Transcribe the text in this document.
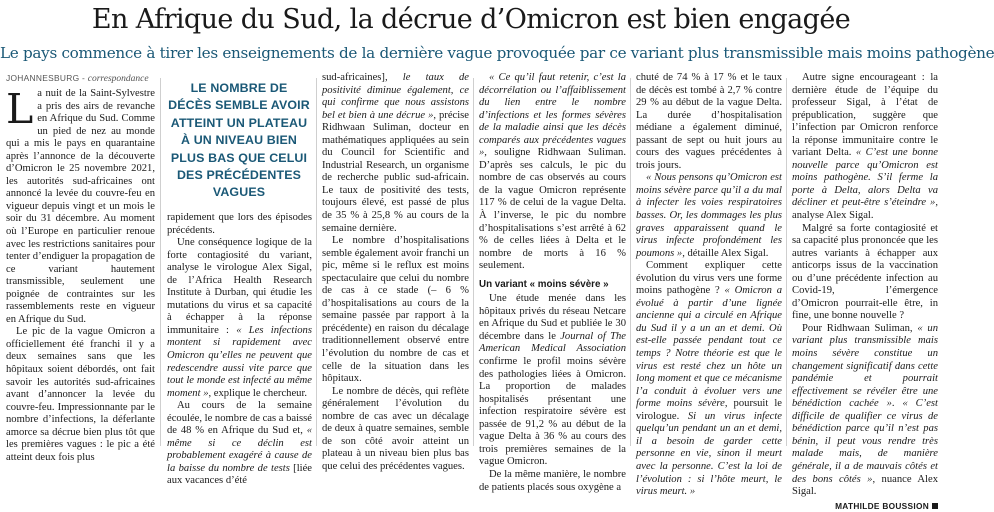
En Afrique du Sud, la décrue d’Omicron est bien engagée
Le pays commence à tirer les enseignements de la dernière vague provoquée par ce variant plus transmissible mais moins pathogène
JOHANNESBURG - correspondance

La nuit de la Saint-Sylvestre a pris des airs de revanche en Afrique du Sud. Comme un pied de nez au monde qui a mis le pays en quarantaine après l’annonce de la découverte d’Omicron le 25 novembre 2021, les autorités sud-africaines ont annoncé la levée du couvre-feu en vigueur depuis vingt et un mois le soir du 31 décembre. Au moment où l’Europe en particulier renoue avec les restrictions sanitaires pour tenter d’endiguer la propagation de ce variant hautement transmissible, seulement une poignée de contraintes sur les rassemblements reste en vigueur en Afrique du Sud.

Le pic de la vague Omicron a officiellement été franchi il y a deux semaines sans que les hôpitaux soient débordés, ont fait savoir les autorités sud-africaines avant d’annoncer la levée du couvre-feu. Impressionnante par le nombre d’infections, la déferlante amorce sa décrue bien plus tôt que les premières vagues : le pic a été atteint deux fois plus

LE NOMBRE DE DÉCÈS SEMBLE AVOIR ATTEINT UN PLATEAU À UN NIVEAU BIEN PLUS BAS QUE CELUI DES PRÉCÉDENTES VAGUES

rapidement que lors des épisodes précédents.

Une conséquence logique de la forte contagiosité du variant, analyse le virologue Alex Sigal, de l’Africa Health Research Institute à Durban, qui étudie les mutations du virus et sa capacité à échapper à la réponse immunitaire : « Les infections montent si rapidement avec Omicron qu’elles ne peuvent que redescendre aussi vite parce que tout le monde est infecté au même moment », explique le chercheur.

Au cours de la semaine écoulée, le nombre de cas a baissé de 48 % en Afrique du Sud et, « même si ce déclin est probablement exagéré à cause de la baisse du nombre de tests [liée aux vacances d’été

sud-africaines], le taux de positivité diminue également, ce qui confirme que nous assistons bel et bien à une décrue », précise Ridhwaan Suliman, docteur en mathématiques appliquées au sein du Council for Scientific and Industrial Research, un organisme de recherche public sud-africain. Le taux de positivité des tests, toujours élevé, est passé de plus de 35 % à 25,8 % au cours de la semaine dernière.

Le nombre d’hospitalisations semble également avoir franchi un pic, même si le reflux est moins spectaculaire que celui du nombre de cas à ce stade (– 6 % d’hospitalisations au cours de la semaine passée par rapport à la précédente) en raison du décalage traditionnellement observé entre l’évolution du nombre de cas et celle de la situation dans les hôpitaux.

Le nombre de décès, qui reflète généralement l’évolution du nombre de cas avec un décalage de deux à quatre semaines, semble de son côté avoir atteint un plateau à un niveau bien plus bas que celui des précédentes vagues.

« Ce qu’il faut retenir, c’est la décorrélation ou l’affaiblissement du lien entre le nombre d’infections et les formes sévères de la maladie ainsi que les décès comparés aux précédentes vagues », souligne Ridhwaan Suliman. D’après ses calculs, le pic du nombre de cas observés au cours de la vague Omicron représente 117 % de celui de la vague Delta. À l’inverse, le pic du nombre d’hospitalisations s’est arrêté à 62 % de celles liées à Delta et le nombre de morts à 16 % seulement.

Un variant « moins sévère »

Une étude menée dans les hôpitaux privés du réseau Netcare en Afrique du Sud et publiée le 30 décembre dans le Journal of The American Medical Association confirme le profil moins sévère des pathologies liées à Omicron. La proportion de malades hospitalisés présentant une infection respiratoire sévère est passée de 91,2 % au début de la vague Delta à 36 % au cours des trois premières semaines de la vague Omicron.

De la même manière, le nombre de patients placés sous oxygène a

chuté de 74 % à 17 % et le taux de décès est tombé à 2,7 % contre 29 % au début de la vague Delta. La durée d’hospitalisation médiane a également diminué, passant de sept ou huit jours au cours des vagues précédentes à trois jours.

« Nous pensons qu’Omicron est moins sévère parce qu’il a du mal à infecter les voies respiratoires basses. Or, les dommages les plus graves apparaissent quand le virus infecte profondément les poumons », détaille Alex Sigal.

Comment expliquer cette évolution du virus vers une forme moins pathogène ? « Omicron a évolué à partir d’une lignée ancienne qui a circulé en Afrique du Sud il y a un an et demi. Où est-elle passée pendant tout ce temps ? Notre théorie est que le virus est resté chez un hôte un long moment et que ce mécanisme l’a conduit à évoluer vers une forme moins sévère, poursuit le virologue. Si un virus infecte quelqu’un pendant un an et demi, il a besoin de garder cette personne en vie, sinon il meurt avec la personne. C’est la loi de l’évolution : si l’hôte meurt, le virus meurt. »

Autre signe encourageant : la dernière étude de l’équipe du professeur Sigal, à l’état de prépublication, suggère que l’infection par Omicron renforce la réponse immunitaire contre le variant Delta. « C’est une bonne nouvelle parce qu’Omicron est moins pathogène. S’il ferme la porte à Delta, alors Delta va décliner et peut-être s’éteindre », analyse Alex Sigal.

Malgré sa forte contagiosité et sa capacité plus prononcée que les autres variants à échapper aux anticorps issus de la vaccination ou d’une précédente infection au Covid-19, l’émergence d’Omicron pourrait-elle être, in fine, une bonne nouvelle ?

Pour Ridhwaan Suliman, « un variant plus transmissible mais moins sévère constitue un changement significatif dans cette pandémie et pourrait effectivement se révéler être une bénédiction cachée ». « C’est difficile de qualifier ce virus de bénédiction parce qu’il n’est pas bénin, il peut vous rendre très malade mais, de manière générale, il a de mauvais côtés et des bons côtés », nuance Alex Sigal.

MATHILDE BOUSSION
